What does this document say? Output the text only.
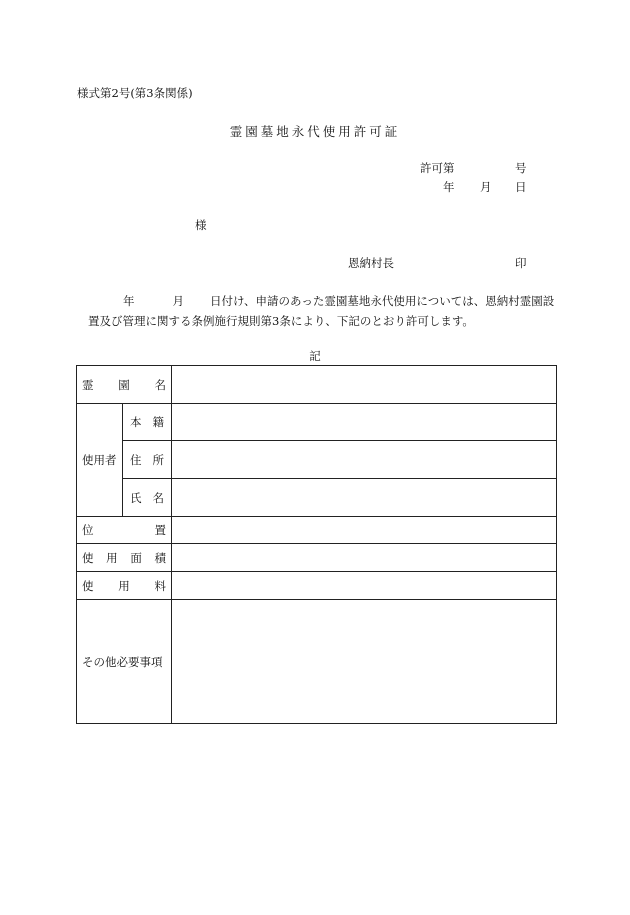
様式第2号(第3条関係)
霊園墓地永代使用許可証
許可第	号
年 月 日
様
恩納村長	印
年	月 日付け、申請のあった霊園墓地永代使用については、恩納村霊園設
置及び管理に関する条例施行規則第3条により、下記のとおり許可します。
記
霊 園 名		

使用者	本 籍	

	住 所	

	氏 名	

位 置		

使 用 面 積		

使 用 料		

その他必要事項		
